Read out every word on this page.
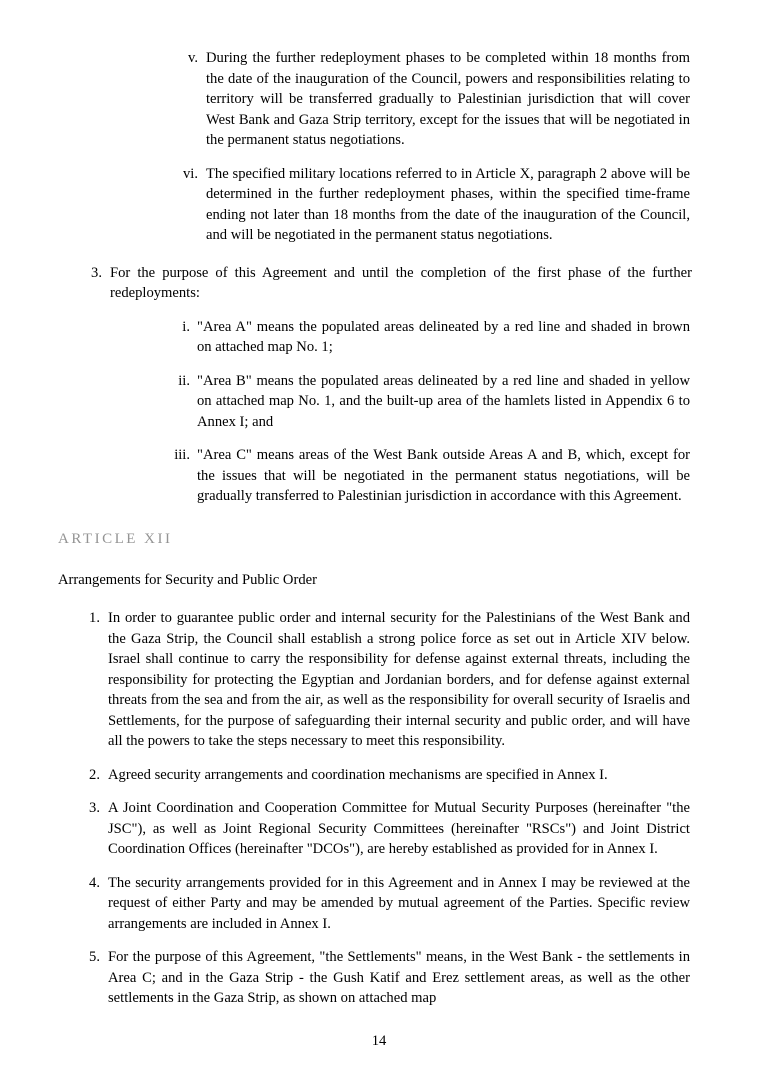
v. During the further redeployment phases to be completed within 18 months from the date of the inauguration of the Council, powers and responsibilities relating to territory will be transferred gradually to Palestinian jurisdiction that will cover West Bank and Gaza Strip territory, except for the issues that will be negotiated in the permanent status negotiations.
vi. The specified military locations referred to in Article X, paragraph 2 above will be determined in the further redeployment phases, within the specified time-frame ending not later than 18 months from the date of the inauguration of the Council, and will be negotiated in the permanent status negotiations.
3. For the purpose of this Agreement and until the completion of the first phase of the further redeployments:
i. "Area A" means the populated areas delineated by a red line and shaded in brown on attached map No. 1;
ii. "Area B" means the populated areas delineated by a red line and shaded in yellow on attached map No. 1, and the built-up area of the hamlets listed in Appendix 6 to Annex I; and
iii. "Area C" means areas of the West Bank outside Areas A and B, which, except for the issues that will be negotiated in the permanent status negotiations, will be gradually transferred to Palestinian jurisdiction in accordance with this Agreement.
ARTICLE XII
Arrangements for Security and Public Order
1. In order to guarantee public order and internal security for the Palestinians of the West Bank and the Gaza Strip, the Council shall establish a strong police force as set out in Article XIV below. Israel shall continue to carry the responsibility for defense against external threats, including the responsibility for protecting the Egyptian and Jordanian borders, and for defense against external threats from the sea and from the air, as well as the responsibility for overall security of Israelis and Settlements, for the purpose of safeguarding their internal security and public order, and will have all the powers to take the steps necessary to meet this responsibility.
2. Agreed security arrangements and coordination mechanisms are specified in Annex I.
3. A Joint Coordination and Cooperation Committee for Mutual Security Purposes (hereinafter "the JSC"), as well as Joint Regional Security Committees (hereinafter "RSCs") and Joint District Coordination Offices (hereinafter "DCOs"), are hereby established as provided for in Annex I.
4. The security arrangements provided for in this Agreement and in Annex I may be reviewed at the request of either Party and may be amended by mutual agreement of the Parties. Specific review arrangements are included in Annex I.
5. For the purpose of this Agreement, "the Settlements" means, in the West Bank - the settlements in Area C; and in the Gaza Strip - the Gush Katif and Erez settlement areas, as well as the other settlements in the Gaza Strip, as shown on attached map
14
